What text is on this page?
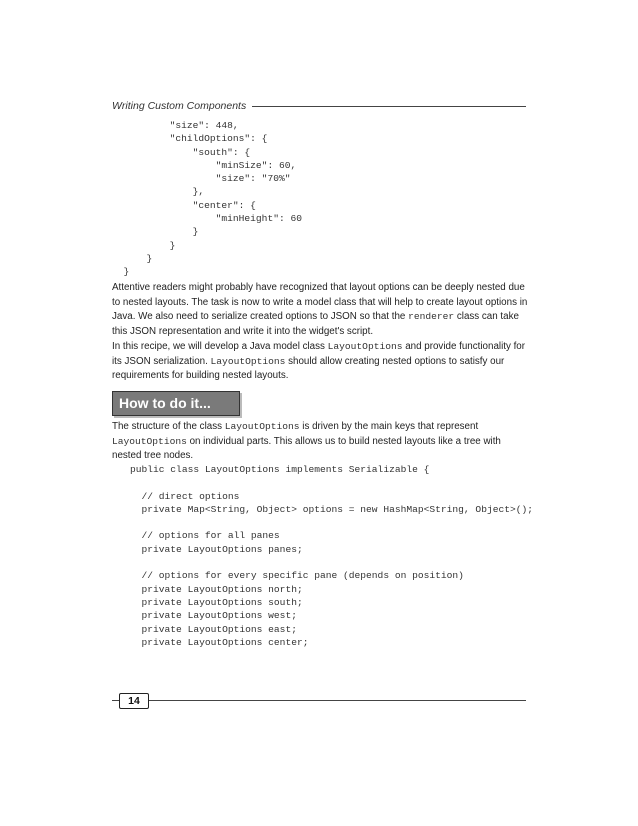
Writing Custom Components
"size": 448,
"childOptions": {
"south": {
"minSize": 60,
"size": "70%"
},
"center": {
"minHeight": 60
}
}
}
}

Attentive readers might probably have recognized that layout options can be deeply nested due to nested layouts. The task is now to write a model class that will help to create layout options in Java. We also need to serialize created options to JSON so that the renderer class can take this JSON representation and write it into the widget's script.

In this recipe, we will develop a Java model class LayoutOptions and provide functionality for its JSON serialization. LayoutOptions should allow creating nested options to satisfy our requirements for building nested layouts.

How to do it...

The structure of the class LayoutOptions is driven by the main keys that represent LayoutOptions on individual parts. This allows us to build nested layouts like a tree with nested tree nodes.

public class LayoutOptions implements Serializable {
// direct options
private Map<String, Object> options = new HashMap<String, Object>();
// options for all panes
private LayoutOptions panes;
// options for every specific pane (depends on position)
private LayoutOptions north;
private LayoutOptions south;
private LayoutOptions west;
private LayoutOptions east;
private LayoutOptions center;
14
